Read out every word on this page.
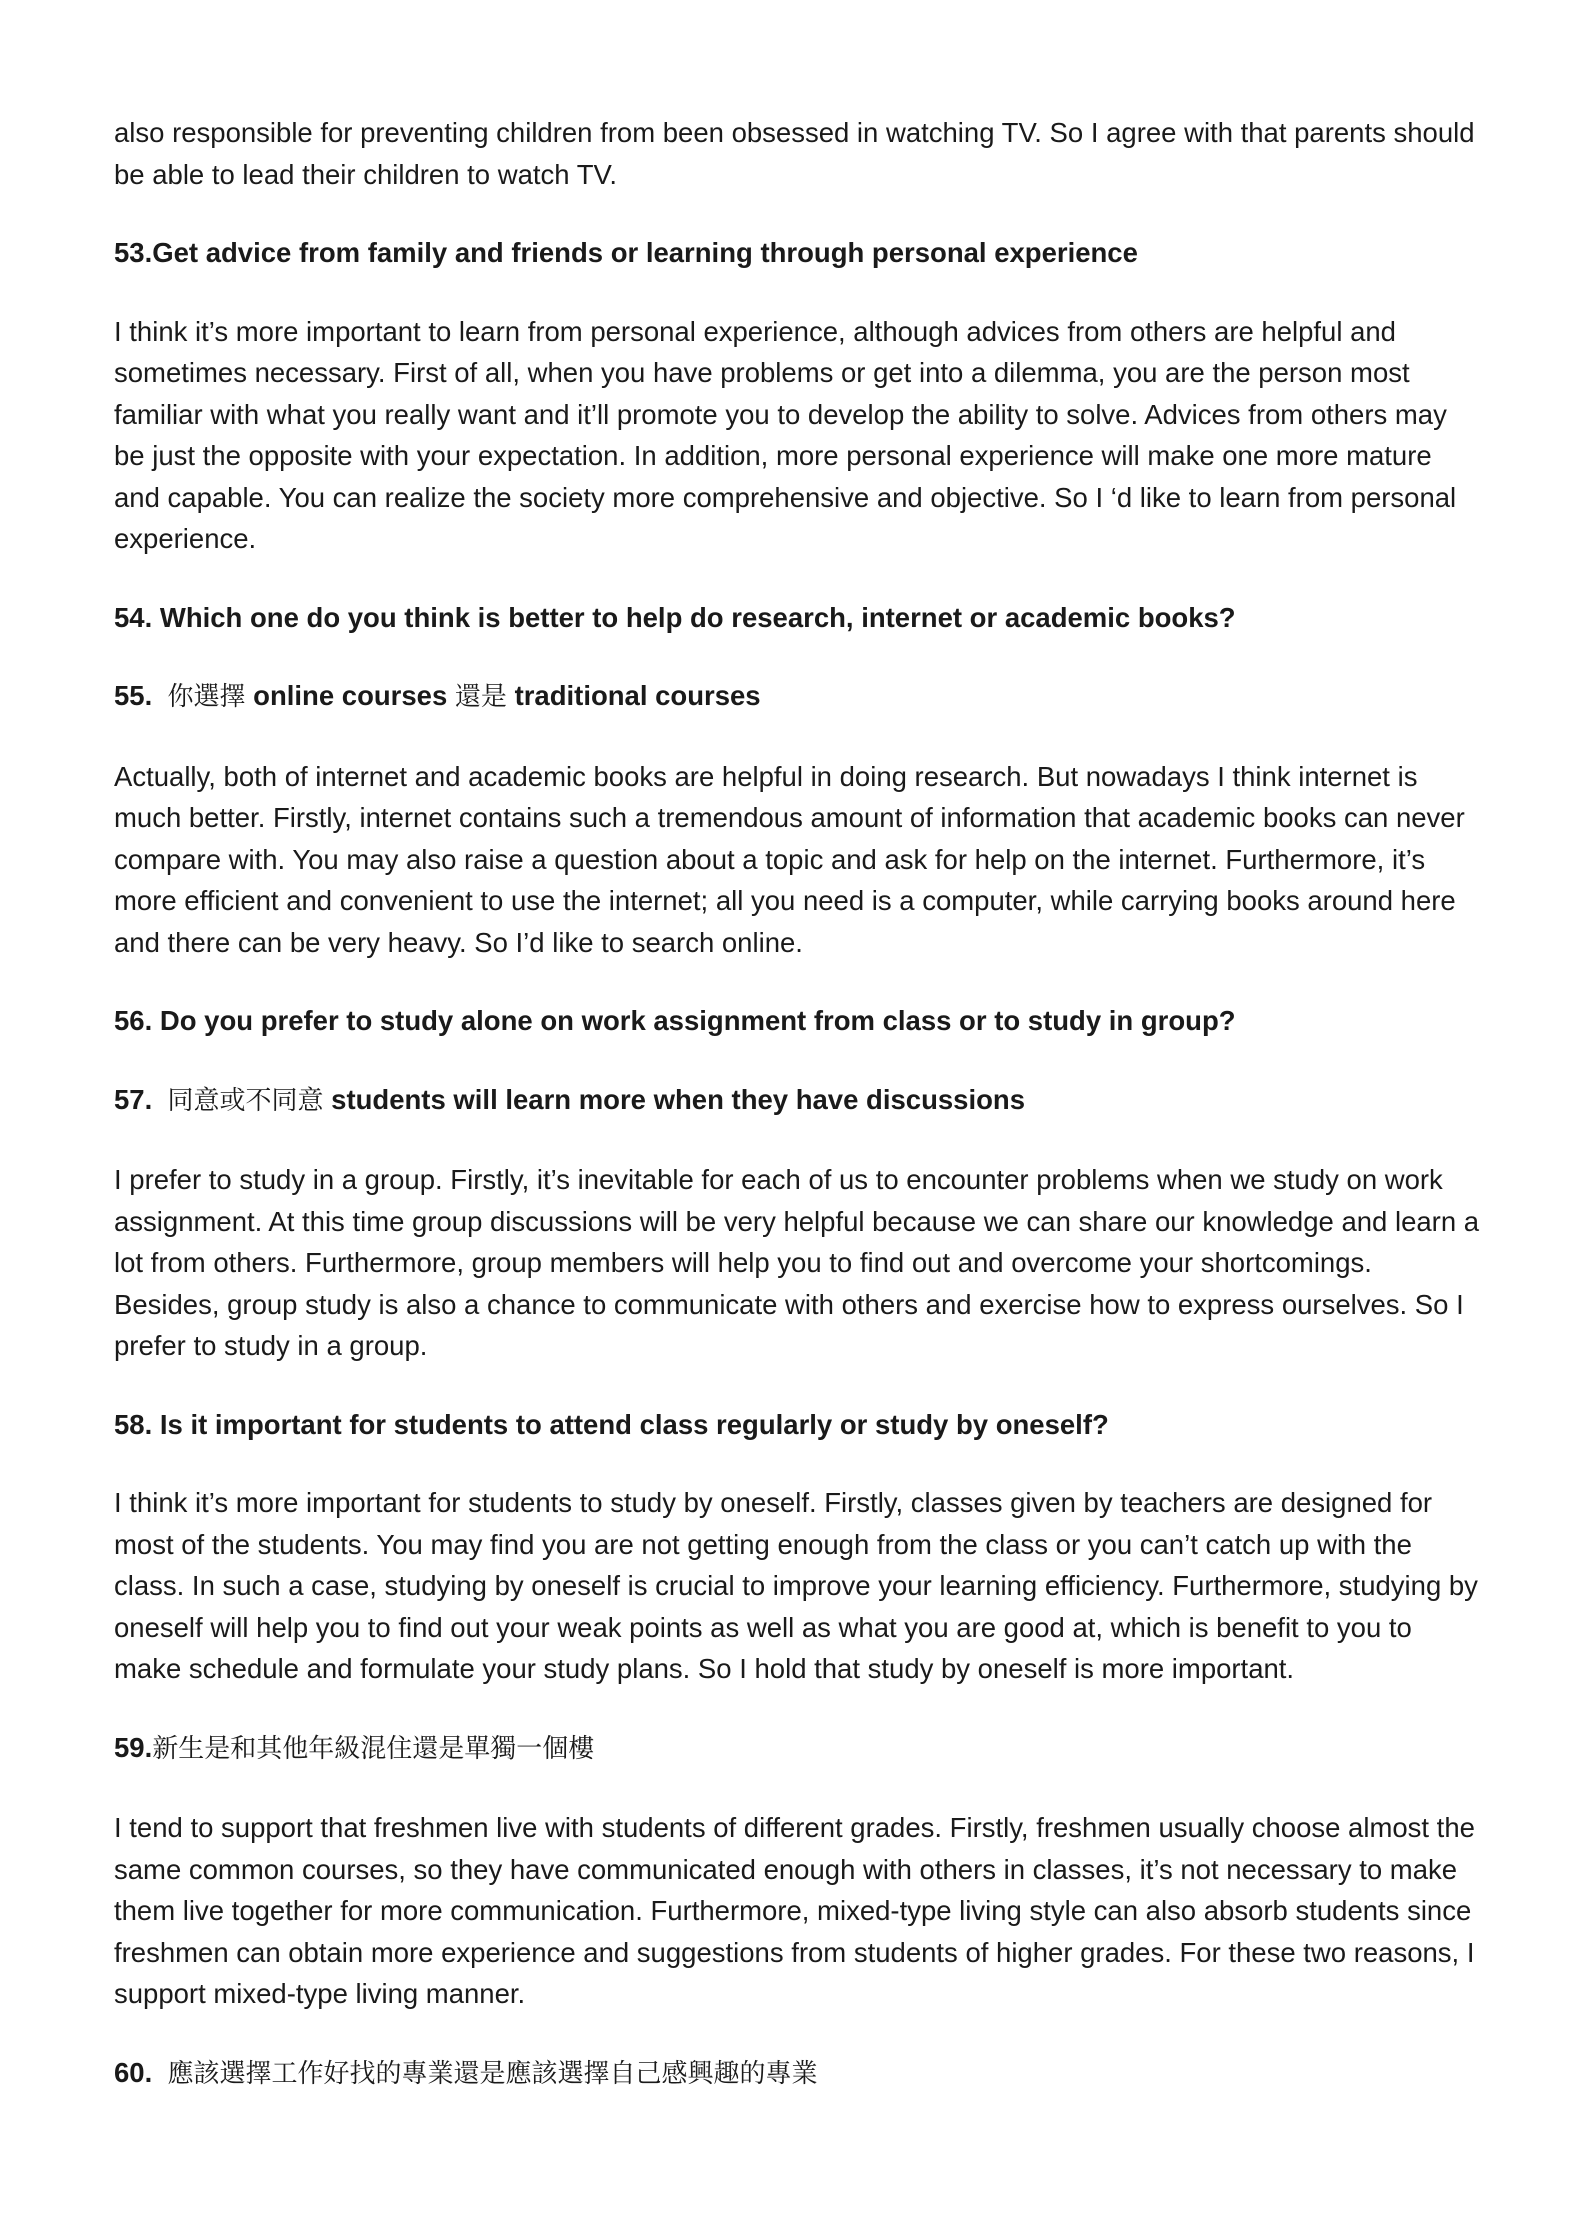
also responsible for preventing children from been obsessed in watching TV. So I agree with that parents should be able to lead their children to watch TV.

53.Get advice from family and friends or learning through personal experience

I think it’s more important to learn from personal experience, although advices from others are helpful and sometimes necessary. First of all, when you have problems or get into a dilemma, you are the person most familiar with what you really want and it’ll promote you to develop the ability to solve. Advices from others may be just the opposite with your expectation. In addition, more personal experience will make one more mature and capable. You can realize the society more comprehensive and objective. So I ‘d like to learn from personal experience.

54. Which one do you think is better to help do research, internet or academic books?
55. 你選擇 online courses 還是 traditional courses

Actually, both of internet and academic books are helpful in doing research. But nowadays I think internet is much better. Firstly, internet contains such a tremendous amount of information that academic books can never compare with. You may also raise a question about a topic and ask for help on the internet. Furthermore, it’s more efficient and convenient to use the internet; all you need is a computer, while carrying books around here and there can be very heavy. So I’d like to search online.

56. Do you prefer to study alone on work assignment from class or to study in group?
57. 同意或不同意 students will learn more when they have discussions

I prefer to study in a group. Firstly, it’s inevitable for each of us to encounter problems when we study on work assignment. At this time group discussions will be very helpful because we can share our knowledge and learn a lot from others. Furthermore, group members will help you to find out and overcome your shortcomings. Besides, group study is also a chance to communicate with others and exercise how to express ourselves. So I prefer to study in a group.

58. Is it important for students to attend class regularly or study by oneself?

I think it’s more important for students to study by oneself. Firstly, classes given by teachers are designed for most of the students. You may find you are not getting enough from the class or you can’t catch up with the class. In such a case, studying by oneself is crucial to improve your learning efficiency. Furthermore, studying by oneself will help you to find out your weak points as well as what you are good at, which is benefit to you to make schedule and formulate your study plans. So I hold that study by oneself is more important.

59.新生是和其他年級混住還是單獨一個樓

I tend to support that freshmen live with students of different grades. Firstly, freshmen usually choose almost the same common courses, so they have communicated enough with others in classes, it’s not necessary to make them live together for more communication. Furthermore, mixed-type living style can also absorb students since freshmen can obtain more experience and suggestions from students of higher grades. For these two reasons, I support mixed-type living manner.

60. 應該選擇工作好找的專業還是應該選擇自己感興趣的專業
